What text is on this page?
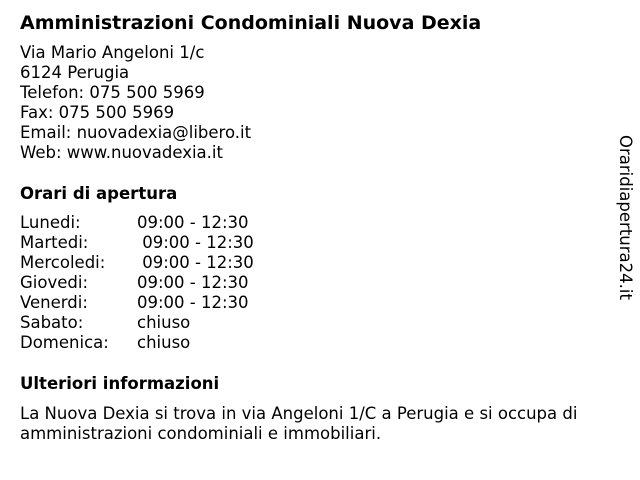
Amministrazioni Condominiali Nuova Dexia
Via Mario Angeloni 1/c
6124 Perugia
Telefon: 075 500 5969
Fax: 075 500 5969
Email: nuovadexia@libero.it
Web: www.nuovadexia.it
Orari di apertura
Lunedi:	09:00 - 12:30
Martedi:	09:00 - 12:30
Mercoledi:	09:00 - 12:30
Giovedi:	09:00 - 12:30
Venerdi:	09:00 - 12:30
Sabato:	chiuso
Domenica:	chiuso
Ulteriori informazioni
La Nuova Dexia si trova in via Angeloni 1/C a Perugia e si occupa di amministrazioni condominiali e immobiliari.
Oraridiapertura24.it
